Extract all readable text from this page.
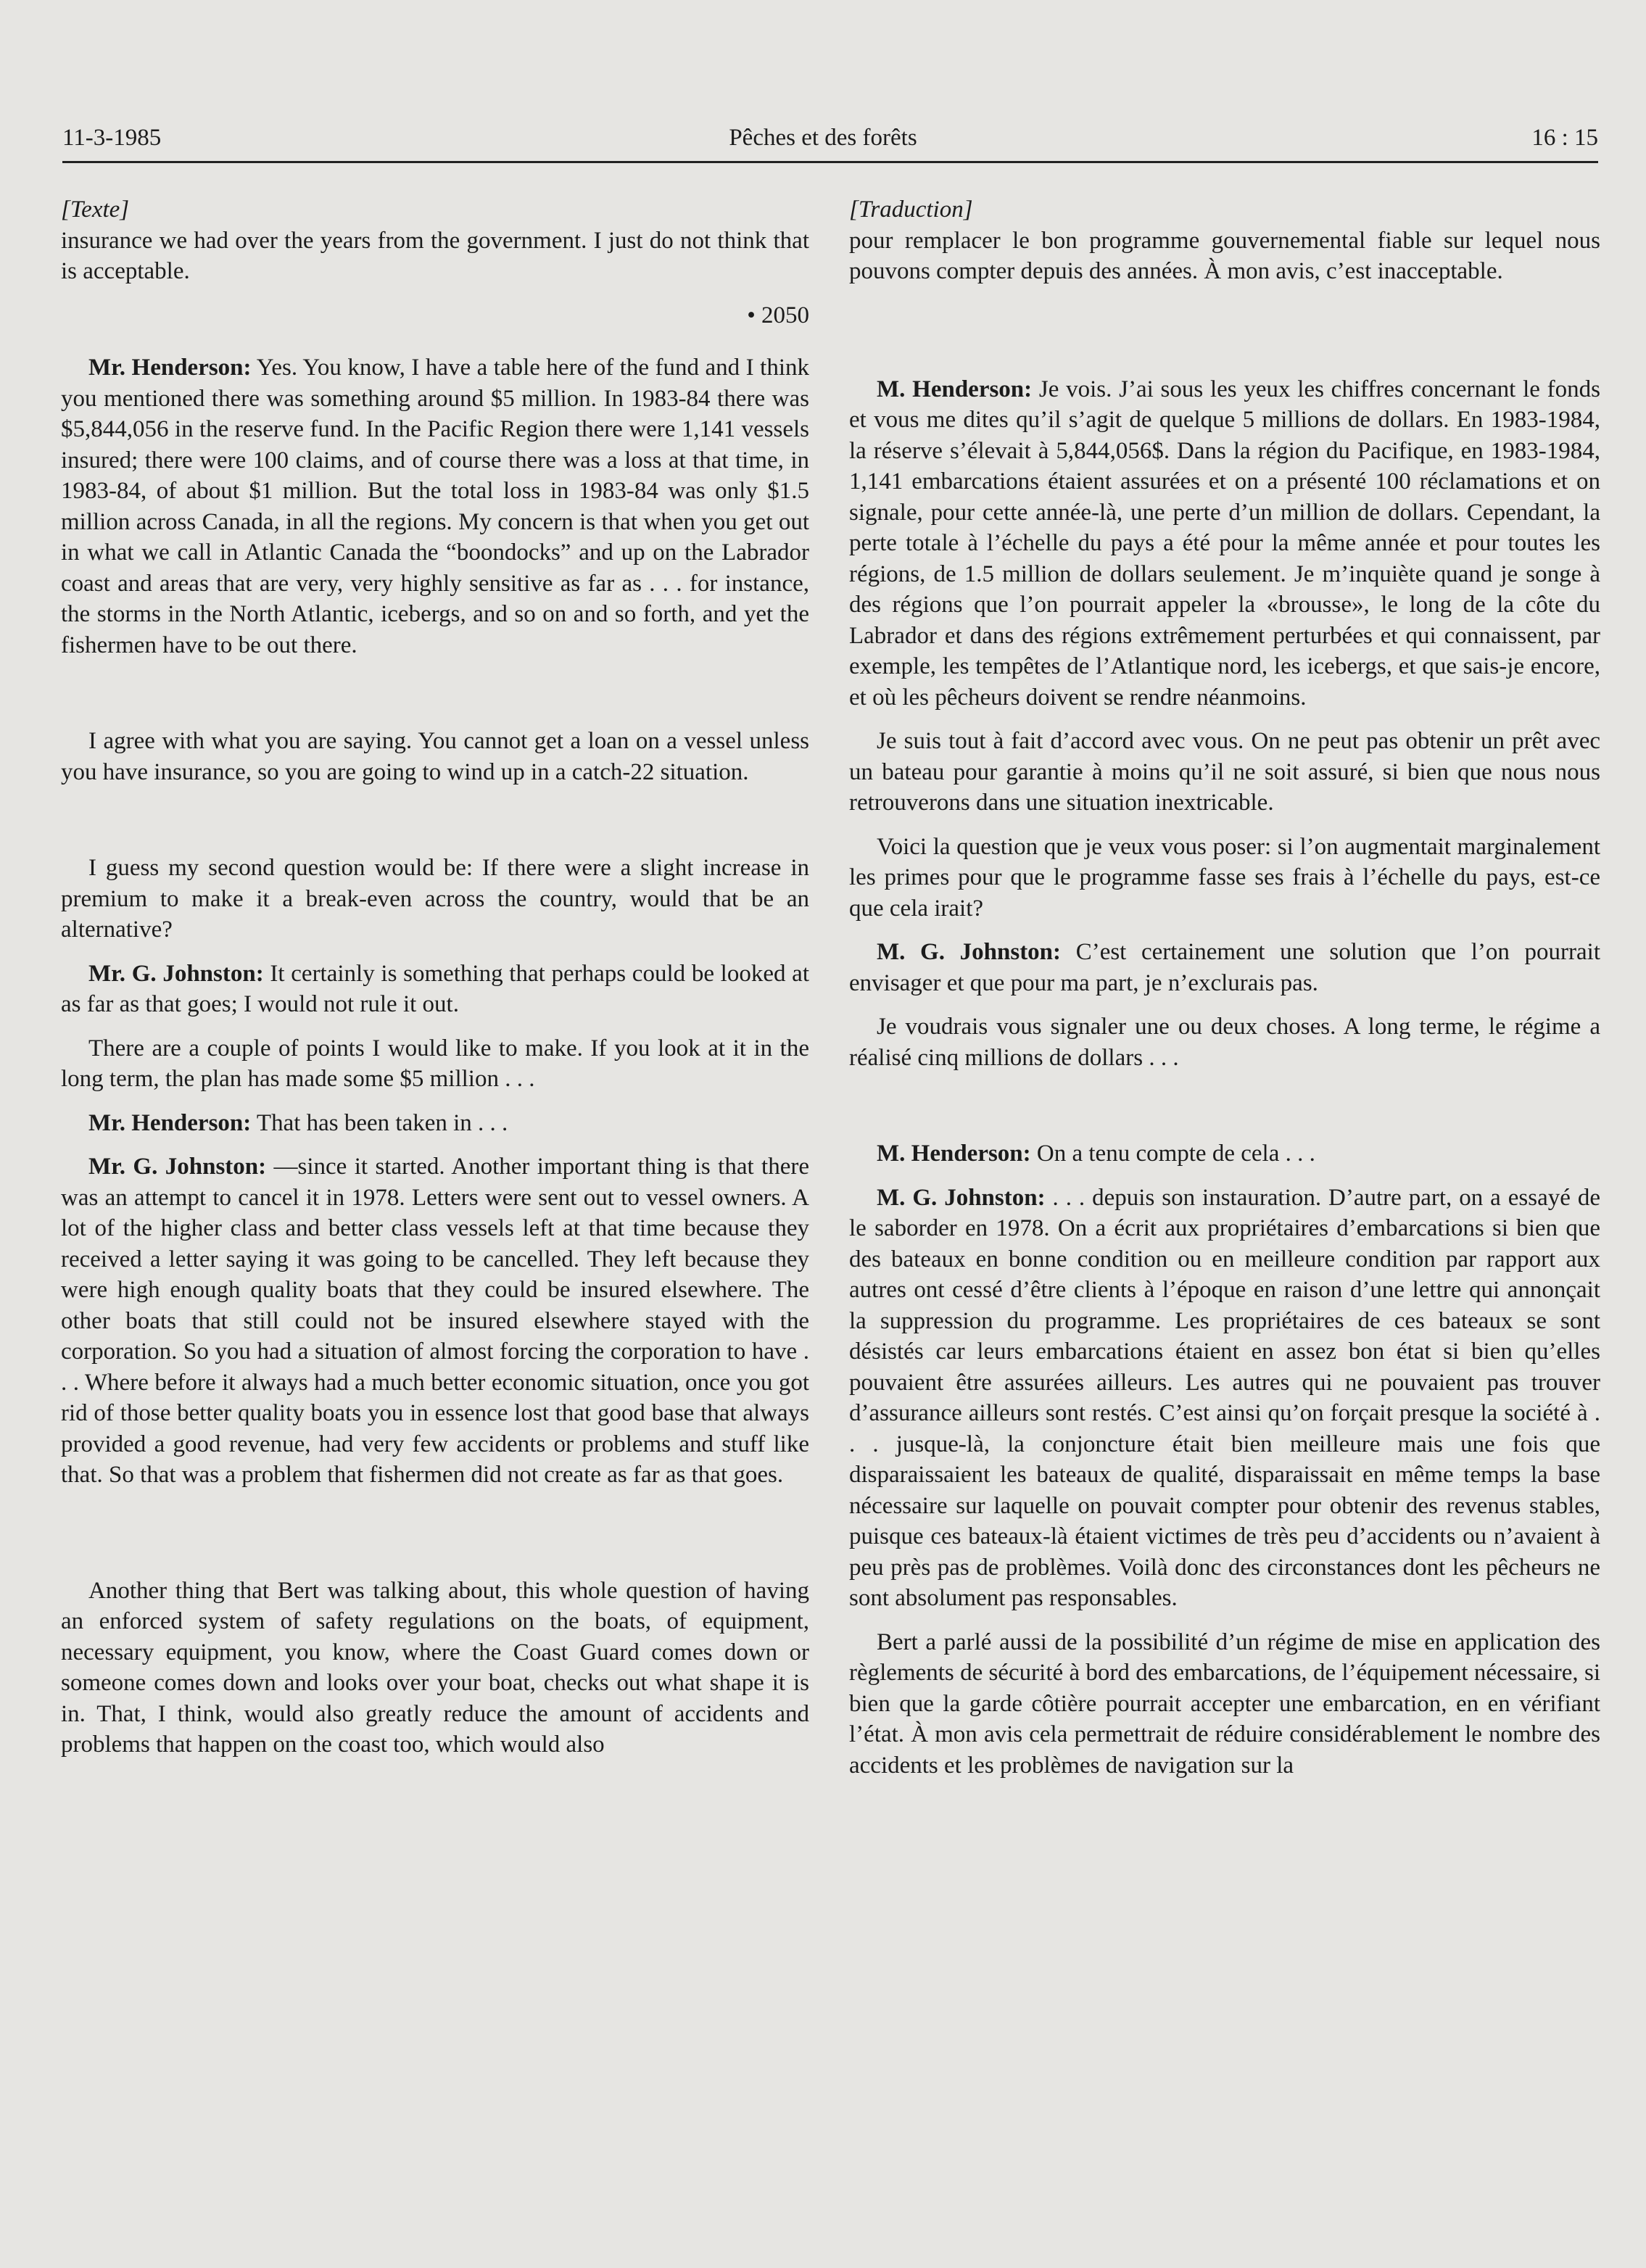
11-3-1985	Pêches et des forêts	16 : 15

[Texte]

insurance we had over the years from the government. I just do not think that is acceptable.

• 2050

Mr. Henderson: Yes. You know, I have a table here of the fund and I think you mentioned there was something around $5 million. In 1983-84 there was $5,844,056 in the reserve fund. In the Pacific Region there were 1,141 vessels insured; there were 100 claims, and of course there was a loss at that time, in 1983-84, of about $1 million. But the total loss in 1983-84 was only $1.5 million across Canada, in all the regions. My concern is that when you get out in what we call in Atlantic Canada the “boondocks” and up on the Labrador coast and areas that are very, very highly sensitive as far as . . . for instance, the storms in the North Atlantic, icebergs, and so on and so forth, and yet the fishermen have to be out there.

I agree with what you are saying. You cannot get a loan on a vessel unless you have insurance, so you are going to wind up in a catch-22 situation.

I guess my second question would be: If there were a slight increase in premium to make it a break-even across the country, would that be an alternative?

Mr. G. Johnston: It certainly is something that perhaps could be looked at as far as that goes; I would not rule it out.

There are a couple of points I would like to make. If you look at it in the long term, the plan has made some $5 million . . .

Mr. Henderson: That has been taken in . . .

Mr. G. Johnston: —since it started. Another important thing is that there was an attempt to cancel it in 1978. Letters were sent out to vessel owners. A lot of the higher class and better class vessels left at that time because they received a letter saying it was going to be cancelled. They left because they were high enough quality boats that they could be insured elsewhere. The other boats that still could not be insured elsewhere stayed with the corporation. So you had a situation of almost forcing the corporation to have . . . Where before it always had a much better economic situation, once you got rid of those better quality boats you in essence lost that good base that always provided a good revenue, had very few accidents or problems and stuff like that. So that was a problem that fishermen did not create as far as that goes.

Another thing that Bert was talking about, this whole question of having an enforced system of safety regulations on the boats, of equipment, necessary equipment, you know, where the Coast Guard comes down or someone comes down and looks over your boat, checks out what shape it is in. That, I think, would also greatly reduce the amount of accidents and problems that happen on the coast too, which would also

[Traduction]

pour remplacer le bon programme gouvernemental fiable sur lequel nous pouvons compter depuis des années. À mon avis, c’est inacceptable.

M. Henderson: Je vois. J’ai sous les yeux les chiffres concernant le fonds et vous me dites qu’il s’agit de quelque 5 millions de dollars. En 1983-1984, la réserve s’élevait à 5,844,056$. Dans la région du Pacifique, en 1983-1984, 1,141 embarcations étaient assurées et on a présenté 100 réclamations et on signale, pour cette année-là, une perte d’un million de dollars. Cependant, la perte totale à l’échelle du pays a été pour la même année et pour toutes les régions, de 1.5 million de dollars seulement. Je m’inquiète quand je songe à des régions que l’on pourrait appeler la «brousse», le long de la côte du Labrador et dans des régions extrêmement perturbées et qui connaissent, par exemple, les tempêtes de l’Atlantique nord, les icebergs, et que sais-je encore, et où les pêcheurs doivent se rendre néanmoins.

Je suis tout à fait d’accord avec vous. On ne peut pas obtenir un prêt avec un bateau pour garantie à moins qu’il ne soit assuré, si bien que nous nous retrouverons dans une situation inextricable.

Voici la question que je veux vous poser: si l’on augmentait marginalement les primes pour que le programme fasse ses frais à l’échelle du pays, est-ce que cela irait?

M. G. Johnston: C’est certainement une solution que l’on pourrait envisager et que pour ma part, je n’exclurais pas.

Je voudrais vous signaler une ou deux choses. A long terme, le régime a réalisé cinq millions de dollars . . .

M. Henderson: On a tenu compte de cela . . .

M. G. Johnston: . . . depuis son instauration. D’autre part, on a essayé de le saborder en 1978. On a écrit aux propriétaires d’embarcations si bien que des bateaux en bonne condition ou en meilleure condition par rapport aux autres ont cessé d’être clients à l’époque en raison d’une lettre qui annonçait la suppression du programme. Les propriétaires de ces bateaux se sont désistés car leurs embarcations étaient en assez bon état si bien qu’elles pouvaient être assurées ailleurs. Les autres qui ne pouvaient pas trouver d’assurance ailleurs sont restés. C’est ainsi qu’on forçait presque la société à . . . jusque-là, la conjoncture était bien meilleure mais une fois que disparaissaient les bateaux de qualité, disparaissait en même temps la base nécessaire sur laquelle on pouvait compter pour obtenir des revenus stables, puisque ces bateaux-là étaient victimes de très peu d’accidents ou n’avaient à peu près pas de problèmes. Voilà donc des circonstances dont les pêcheurs ne sont absolument pas responsables.

Bert a parlé aussi de la possibilité d’un régime de mise en application des règlements de sécurité à bord des embarcations, de l’équipement nécessaire, si bien que la garde côtière pourrait accepter une embarcation, en en vérifiant l’état. À mon avis cela permettrait de réduire considérablement le nombre des accidents et les problèmes de navigation sur la
